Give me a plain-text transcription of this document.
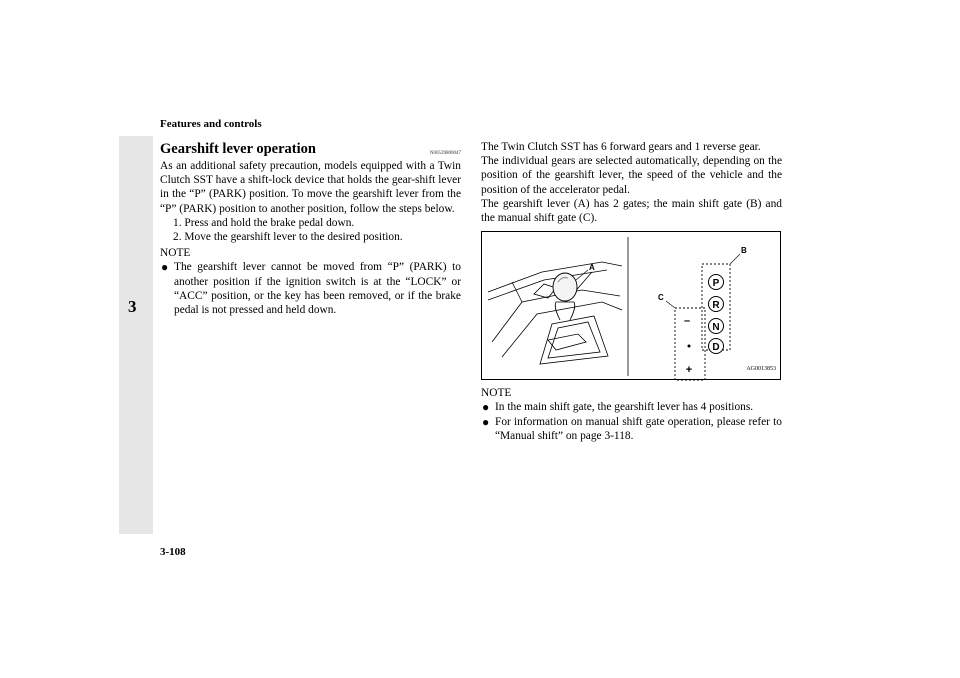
Features and controls
3
Gearshift lever operation	N00539800047

As an additional safety precaution, models equipped with a Twin Clutch SST have a shift-lock device that holds the gear-shift lever in the “P” (PARK) position. To move the gearshift lever from the “P” (PARK) position to another position, follow the steps below.

1. Press and hold the brake pedal down.

2. Move the gearshift lever to the desired position.

NOTE

● The gearshift lever cannot be moved from “P” (PARK) to another position if the ignition switch is at the “LOCK” or “ACC” position, or the key has been removed, or if the brake pedal is not pressed and held down.

The Twin Clutch SST has 6 forward gears and 1 reverse gear.

The individual gears are selected automatically, depending on the position of the gearshift lever, the speed of the vehicle and the position of the accelerator pedal.

The gearshift lever (A) has 2 gates; the main shift gate (B) and the manual shift gate (C).

A
B
C
P
R
N
D
–
+	AG0013853

NOTE

● In the main shift gate, the gearshift lever has 4 positions.
● For information on manual shift gate operation, please refer to “Manual shift” on page 3-118.
3-108
